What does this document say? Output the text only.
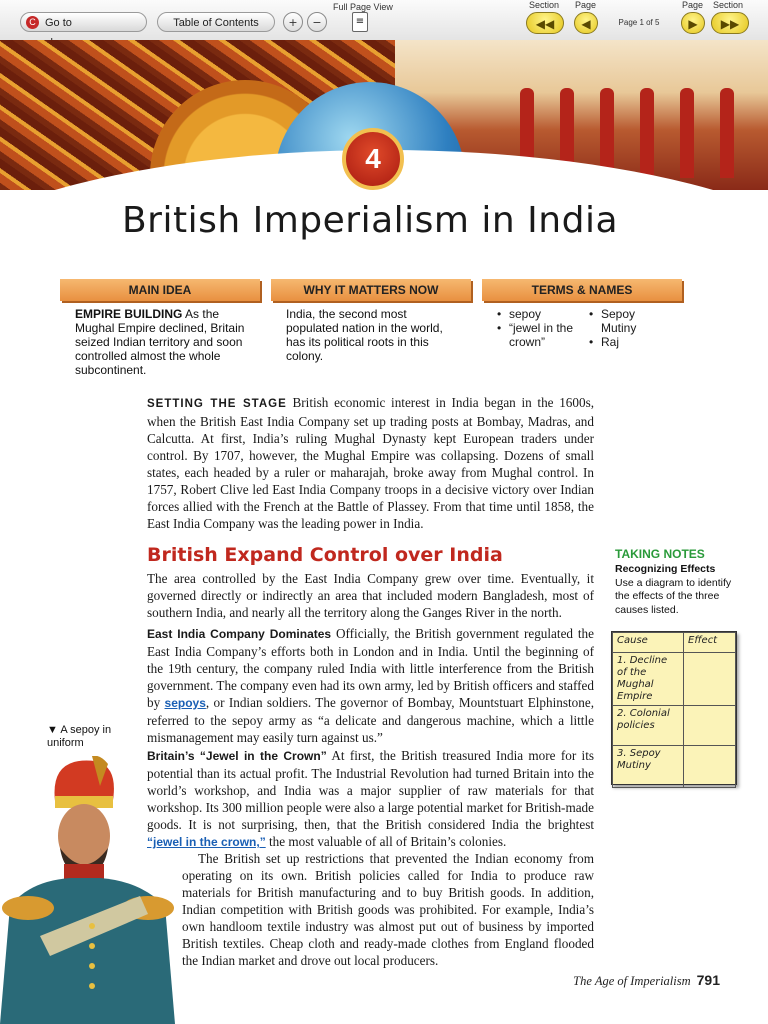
C Go to	Table of Contents	+	−
Full Page View
≡
Section Page
◀◀	◀	Page 1 of 5
Page Section
▶	▶▶
4
British Imperialism in India
MAIN IDEA	WHY IT MATTERS NOW	TERMS & NAMES
EMPIRE BUILDING As the Mughal Empire declined, Britain seized Indian territory and soon controlled almost the whole subcontinent.
India, the second most populated nation in the world, has its political roots in this colony.
• sepoy
• “jewel in the crown”
• Sepoy Mutiny
• Raj
SETTING THE STAGE British economic interest in India began in the 1600s, when the British East India Company set up trading posts at Bombay, Madras, and Calcutta. At first, India’s ruling Mughal Dynasty kept European traders under control. By 1707, however, the Mughal Empire was collapsing. Dozens of small states, each headed by a ruler or maharajah, broke away from Mughal control. In 1757, Robert Clive led East India Company troops in a decisive victory over Indian forces allied with the French at the Battle of Plassey. From that time until 1858, the East India Company was the leading power in India.
British Expand Control over India
The area controlled by the East India Company grew over time. Eventually, it governed directly or indirectly an area that included modern Bangladesh, most of southern India, and nearly all the territory along the Ganges River in the north.
East India Company Dominates Officially, the British government regulated the East India Company’s efforts both in London and in India. Until the beginning of the 19th century, the company ruled India with little interference from the British government. The company even had its own army, led by British officers and staffed by sepoys, or Indian soldiers. The governor of Bombay, Mountstuart Elphinstone, referred to the sepoy army as “a delicate and dangerous machine, which a little mismanagement may easily turn against us.”
Britain’s “Jewel in the Crown” At first, the British treasured India more for its potential than its actual profit. The Industrial Revolution had turned Britain into the world’s workshop, and India was a major supplier of raw materials for that workshop. Its 300 million people were also a large potential market for British-made goods. It is not surprising, then, that the British considered India the brightest “jewel in the crown,” the most valuable of all of Britain’s colonies.
The British set up restrictions that prevented the Indian economy from operating on its own. British policies called for India to produce raw materials for British manufacturing and to buy British goods. In addition, Indian competition with British goods was prohibited. For example, India’s own handloom textile industry was almost put out of business by imported British textiles. Cheap cloth and ready-made clothes from England flooded the Indian market and drove out local producers.
TAKING NOTES
Recognizing Effects Use a diagram to identify the effects of the three causes listed.
Cause	Effect
1. Decline of the Mughal Empire	
2. Colonial policies	
3. Sepoy Mutiny	
▼ A sepoy in uniform
The Age of Imperialism 791
